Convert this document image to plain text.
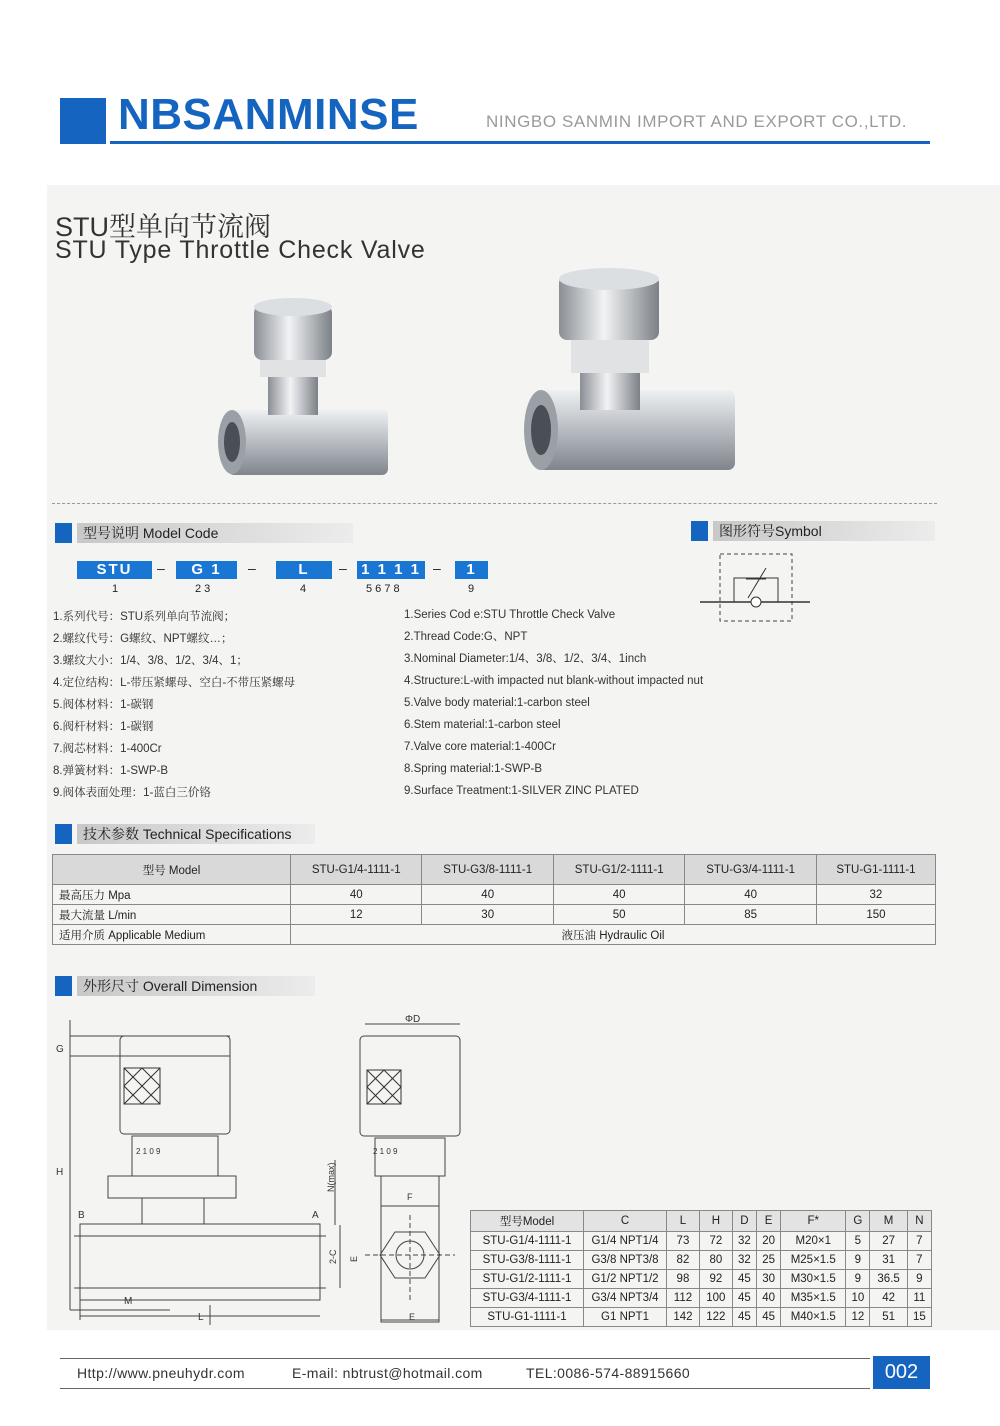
NBSANMINSE	NINGBO SANMIN IMPORT AND EXPORT CO.,LTD.
STU型单向节流阀
STU Type Throttle Check Valve
型号说明 Model Code	图形符号Symbol
STU	–	G 1	–	L	– 1 1 1 1 –	1
1	2 3	4	5 6 7 8	9
1.系列代号：STU系列单向节流阀；
2.螺纹代号：G螺纹、NPT螺纹…；
3.螺纹大小：1/4、3/8、1/2、3/4、1；
4.定位结构：L-带压紧螺母、空白-不带压紧螺母
5.阀体材料：1-碳钢
6.阀杆材料：1-碳钢
7.阀芯材料：1-400Cr
8.弹簧材料：1-SWP-B
9.阀体表面处理：1-蓝白三价铬
1.Series Cod e:STU Throttle Check Valve
2.Thread Code:G、NPT
3.Nominal Diameter:1/4、3/8、1/2、3/4、1inch
4.Structure:L-with impacted nut blank-without impacted nut
5.Valve body material:1-carbon steel
6.Stem material:1-carbon steel
7.Valve core material:1-400Cr
8.Spring material:1-SWP-B
9.Surface Treatment:1-SILVER ZINC PLATED
技术参数 Technical Specifications
型号 Model	STU-G1/4-1111-1	STU-G3/8-1111-1	STU-G1/2-1111-1	STU-G3/4-1111-1	STU-G1-1111-1
最高压力 Mpa	40	40	40	40	32
最大流量 L/min	12	30	50	85	150
适用介质 Applicable Medium	液压油 Hydraulic Oil				
外形尺寸 Overall Dimension
G
H
B	A
M
L
2 1 0 9
N(max)
2-C
ΦD
F
E
2 1 0 9
E
型号Model	C	L	H	D	E	F*	G	M	N
STU-G1/4-1111-1	G1/4 NPT1/4	73	72	32	20	M20×1	5	27	7
STU-G3/8-1111-1	G3/8 NPT3/8	82	80	32	25	M25×1.5	9	31	7
STU-G1/2-1111-1	G1/2 NPT1/2	98	92	45	30	M30×1.5	9	36.5	9
STU-G3/4-1111-1	G3/4 NPT3/4	112	100	45	40	M35×1.5	10	42	11
STU-G1-1111-1	G1 NPT1	142	122	45	45	M40×1.5	12	51	15
Http://www.pneuhydr.com	E-mail: nbtrust@hotmail.com	TEL:0086-574-88915660	002
